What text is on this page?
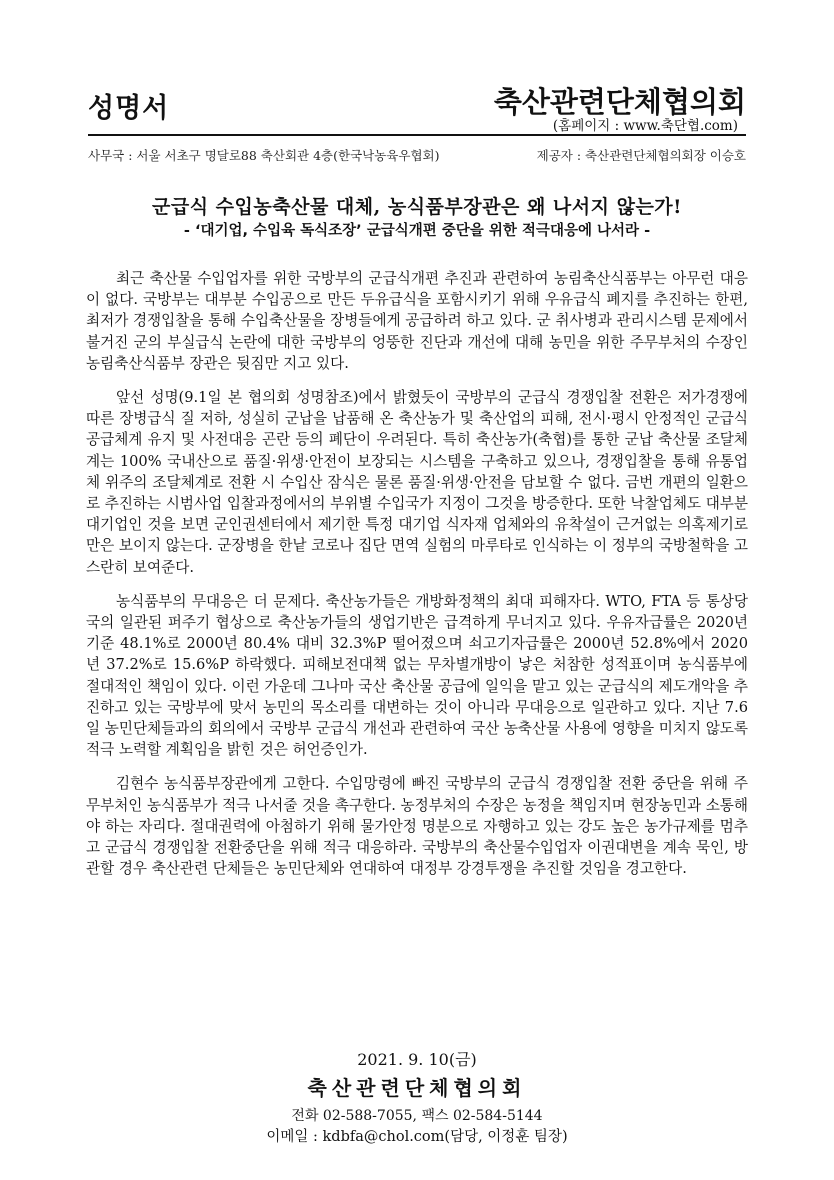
성명서	축산관련단체협의회
(홈페이지 : www.축단협.com)
사무국 : 서울 서초구 명달로88 축산회관 4층(한국낙농육우협회)	제공자 : 축산관련단체협의회장 이승호
군급식 수입농축산물 대체, 농식품부장관은 왜 나서지 않는가!
- ‘대기업, 수입육 독식조장’ 군급식개편 중단을 위한 적극대응에 나서라 -

최근 축산물 수입업자를 위한 국방부의 군급식개편 추진과 관련하여 농림축산식품부는 아무런 대응이 없다. 국방부는 대부분 수입공으로 만든 두유급식을 포함시키기 위해 우유급식 폐지를 추진하는 한편, 최저가 경쟁입찰을 통해 수입축산물을 장병들에게 공급하려 하고 있다. 군 취사병과 관리시스템 문제에서 불거진 군의 부실급식 논란에 대한 국방부의 엉뚱한 진단과 개선에 대해 농민을 위한 주무부처의 수장인 농림축산식품부 장관은 뒷짐만 지고 있다.

앞선 성명(9.1일 본 협의회 성명참조)에서 밝혔듯이 국방부의 군급식 경쟁입찰 전환은 저가경쟁에 따른 장병급식 질 저하, 성실히 군납을 납품해 온 축산농가 및 축산업의 피해, 전시·평시 안정적인 군급식 공급체계 유지 및 사전대응 곤란 등의 폐단이 우려된다. 특히 축산농가(축협)를 통한 군납 축산물 조달체계는 100% 국내산으로 품질·위생·안전이 보장되는 시스템을 구축하고 있으나, 경쟁입찰을 통해 유통업체 위주의 조달체계로 전환 시 수입산 잠식은 물론 품질·위생·안전을 담보할 수 없다. 금번 개편의 일환으로 추진하는 시범사업 입찰과정에서의 부위별 수입국가 지정이 그것을 방증한다. 또한 낙찰업체도 대부분 대기업인 것을 보면 군인권센터에서 제기한 특정 대기업 식자재 업체와의 유착설이 근거없는 의혹제기로만은 보이지 않는다. 군장병을 한낱 코로나 집단 면역 실험의 마루타로 인식하는 이 정부의 국방철학을 고스란히 보여준다.

농식품부의 무대응은 더 문제다. 축산농가들은 개방화정책의 최대 피해자다. WTO, FTA 등 통상당국의 일관된 퍼주기 협상으로 축산농가들의 생업기반은 급격하게 무너지고 있다. 우유자급률은 2020년 기준 48.1%로 2000년 80.4% 대비 32.3%P 떨어졌으며 쇠고기자급률은 2000년 52.8%에서 2020년 37.2%로 15.6%P 하락했다. 피해보전대책 없는 무차별개방이 낳은 처참한 성적표이며 농식품부에 절대적인 책임이 있다. 이런 가운데 그나마 국산 축산물 공급에 일익을 맡고 있는 군급식의 제도개악을 추진하고 있는 국방부에 맞서 농민의 목소리를 대변하는 것이 아니라 무대응으로 일관하고 있다. 지난 7.6일 농민단체들과의 회의에서 국방부 군급식 개선과 관련하여 국산 농축산물 사용에 영향을 미치지 않도록 적극 노력할 계획임을 밝힌 것은 허언증인가.

김현수 농식품부장관에게 고한다. 수입망령에 빠진 국방부의 군급식 경쟁입찰 전환 중단을 위해 주무부처인 농식품부가 적극 나서줄 것을 촉구한다. 농정부처의 수장은 농정을 책임지며 현장농민과 소통해야 하는 자리다. 절대권력에 아첨하기 위해 물가안정 명분으로 자행하고 있는 강도 높은 농가규제를 멈추고 군급식 경쟁입찰 전환중단을 위해 적극 대응하라. 국방부의 축산물수입업자 이권대변을 계속 묵인, 방관할 경우 축산관련 단체들은 농민단체와 연대하여 대정부 강경투쟁을 추진할 것임을 경고한다.

2021. 9. 10(금)
축산관련단체협의회
전화 02-588-7055, 팩스 02-584-5144
이메일 : kdbfa@chol.com(담당, 이정훈 팀장)
